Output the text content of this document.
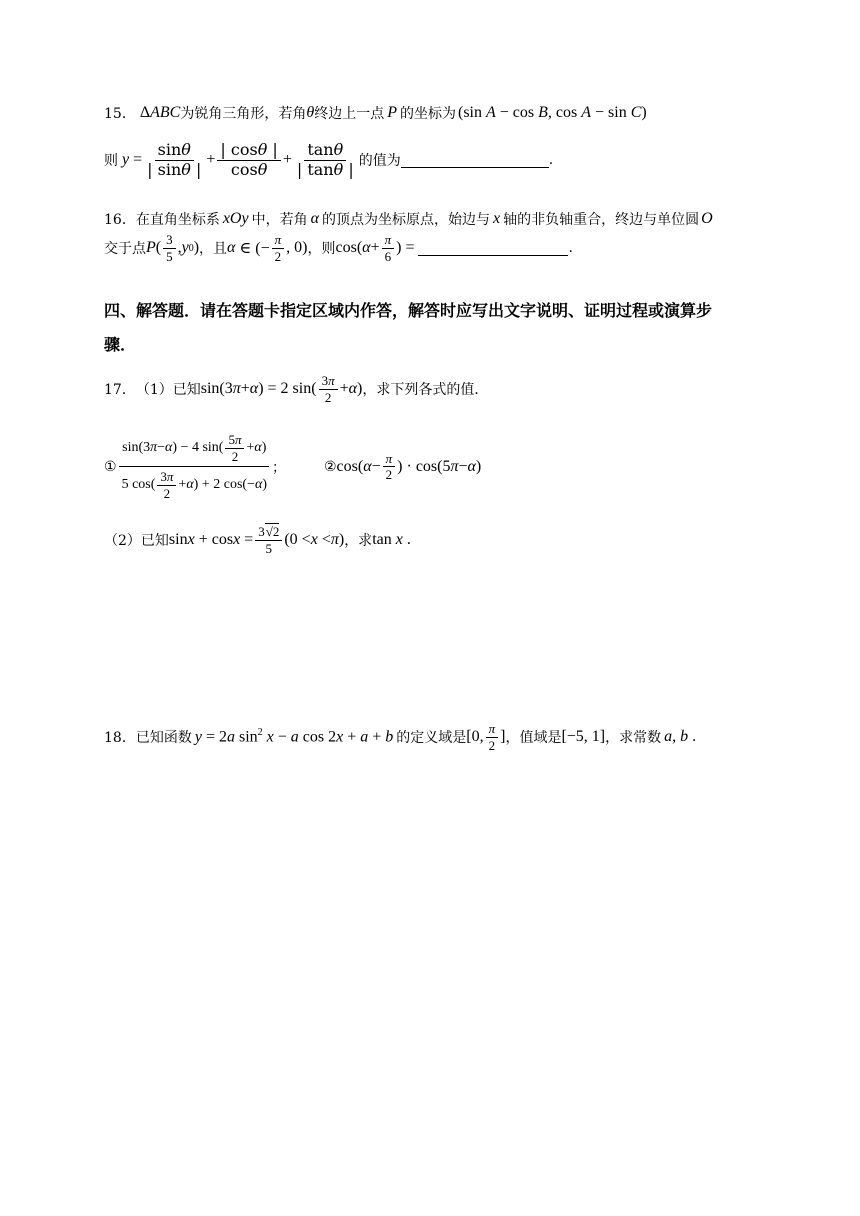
15． ΔABC 为锐角三角形，若角 θ 终边上 一点 P 的坐标为 (sin A − cos B, cos A − sin C)
则 $y = \frac{\sin\theta}{| \sin\theta |} + \frac{| \cos\theta |}{\cos\theta} + \frac{\tan\theta}{| \tan\theta |}$ 的值为	.
16． 在直角坐标系 xOy 中，若角 α 的顶点为坐标原点，始边与 x 轴的非负轴重合，终边与单位圆 O
交于点 P ( $\frac{3}{5}$ , y 0 ) ，且 α ∈ (− $\frac{\pi}{2}$ , 0) ，则 cos( $\alpha + \frac{\pi}{6}$ ) =	.
四、解答题．请在答题卡指定区域内作答，解答时应写出文字说明、证明过程或演算步
骤．
17． （1）已知 sin(3 π + α ) = 2 $\sin( \frac{3\pi}{2} + \alpha$ ) ，求下列各式的值．
① $\frac{\sin(3 \pi - \alpha ) - 4 \sin( \frac{5\pi}{2} + \alpha )}{5 \cos( \frac{3\pi}{2} + \alpha ) + 2 \cos(- \alpha )}$ ；	② cos( $\alpha - \frac{\pi}{2}$ ) · cos(5 π − α )
（2）已知 $\sin x + \cos x = \frac{3√2}{5} (0 < x < \pi$ ) ，求 tan x .
18． 已知函数 y = 2a $\sin^2 x - a$ cos 2x + a + b 的定义域是 [0, $\frac{\pi}{2}$ ] ，值域是 [−5, 1] ，求常数 a, b .
